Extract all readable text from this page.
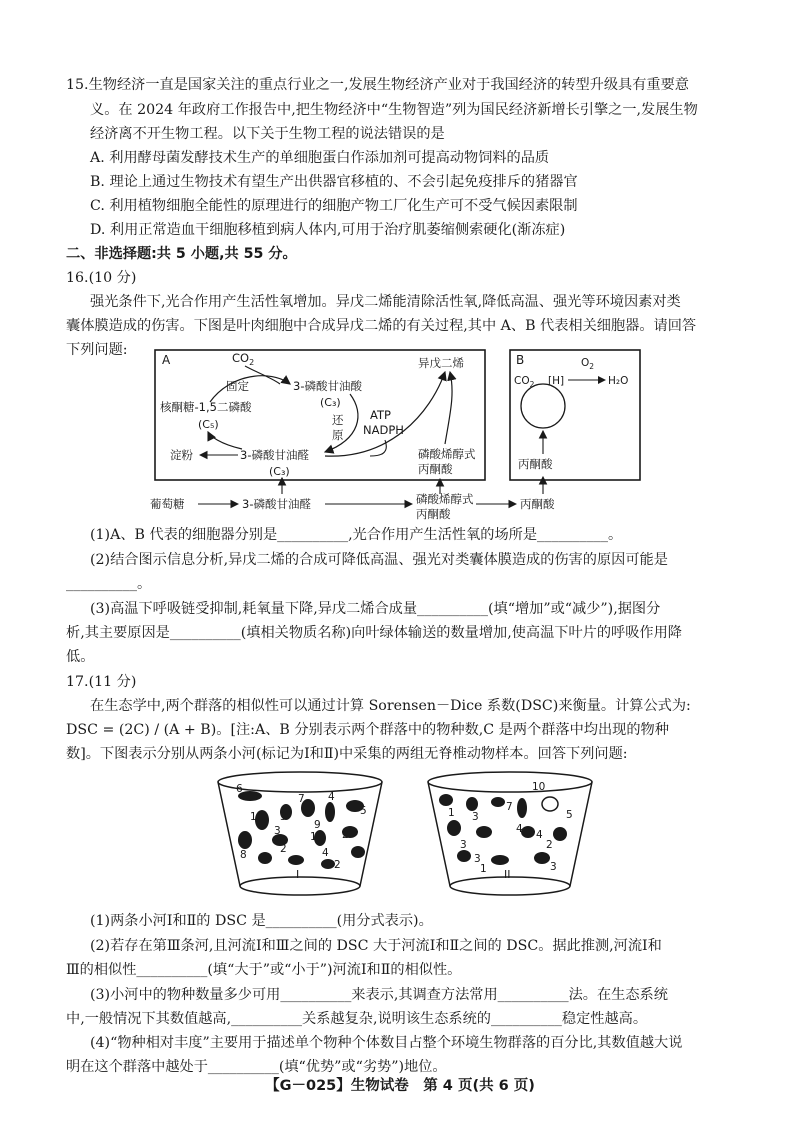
15.生物经济一直是国家关注的重点行业之一,发展生物经济产业对于我国经济的转型升级具有重要意
义。在 2024 年政府工作报告中,把生物经济中“生物智造”列为国民经济新增长引擎之一,发展生物
经济离不开生物工程。以下关于生物工程的说法错误的是
A. 利用酵母菌发酵技术生产的单细胞蛋白作添加剂可提高动物饲料的品质
B. 理论上通过生物技术有望生产出供器官移植的、不会引起免疫排斥的猪器官
C. 利用植物细胞全能性的原理进行的细胞产物工厂化生产可不受气候因素限制
D. 利用正常造血干细胞移植到病人体内,可用于治疗肌萎缩侧索硬化(渐冻症)
二、非选择题:共 5 小题,共 55 分。
16.(10 分)
强光条件下,光合作用产生活性氧增加。异戊二烯能清除活性氧,降低高温、强光等环境因素对类
囊体膜造成的伤害。下图是叶肉细胞中合成异戊二烯的有关过程,其中 A、B 代表相关细胞器。请回答
下列问题:
A	B
$CO_2$
固定	3-磷酸甘油酸
核酮糖-1,5二磷酸
(C₅)
(C₃)
还
原
ATP
NADPH
淀粉	3-磷酸甘油醛
(C₃)
异戊二烯
磷酸烯醇式
丙酮酸
$CO_2$ [H]
$O_2$
H₂O
丙酮酸
葡萄糖	3-磷酸甘油醛	磷酸烯醇式
丙酮酸
丙酮酸
(1)A、B 代表的细胞器分别是__________,光合作用产生活性氧的场所是__________。
(2)结合图示信息分析,异戊二烯的合成可降低高温、强光对类囊体膜造成的伤害的原因可能是
__________。
(3)高温下呼吸链受抑制,耗氧量下降,异戊二烯合成量__________(填“增加”或“减少”),据图分
析,其主要原因是__________(填相关物质名称)向叶绿体输送的数量增加,使高温下叶片的呼吸作用降
低。
17.(11 分)
在生态学中,两个群落的相似性可以通过计算 Sorensen－Dice 系数(DSC)来衡量。计算公式为:
DSC = (2C) / (A + B)。[注:A、B 分别表示两个群落中的物种数,C 是两个群落中均出现的物种
数]。下图表示分别从两条小河(标记为Ⅰ和Ⅱ)中采集的两组无脊椎动物样本。回答下列问题:
I	II
6
1 3
7 4
5
3	9
1 2
2
8	4
2
10
1 3
7
4
5
3	2
4
3
1
3
(1)两条小河Ⅰ和Ⅱ的 DSC 是__________(用分式表示)。
(2)若存在第Ⅲ条河,且河流Ⅰ和Ⅲ之间的 DSC 大于河流Ⅰ和Ⅱ之间的 DSC。据此推测,河流Ⅰ和
Ⅲ的相似性__________(填“大于”或“小于”)河流Ⅰ和Ⅱ的相似性。
(3)小河中的物种数量多少可用__________来表示,其调查方法常用__________法。在生态系统
中,一般情况下其数值越高,__________关系越复杂,说明该生态系统的__________稳定性越高。
(4)“物种相对丰度”主要用于描述单个物种个体数目占整个环境生物群落的百分比,其数值越大说
明在这个群落中越处于__________(填“优势”或“劣势”)地位。
【G－025】生物试卷　第 4 页(共 6 页)
